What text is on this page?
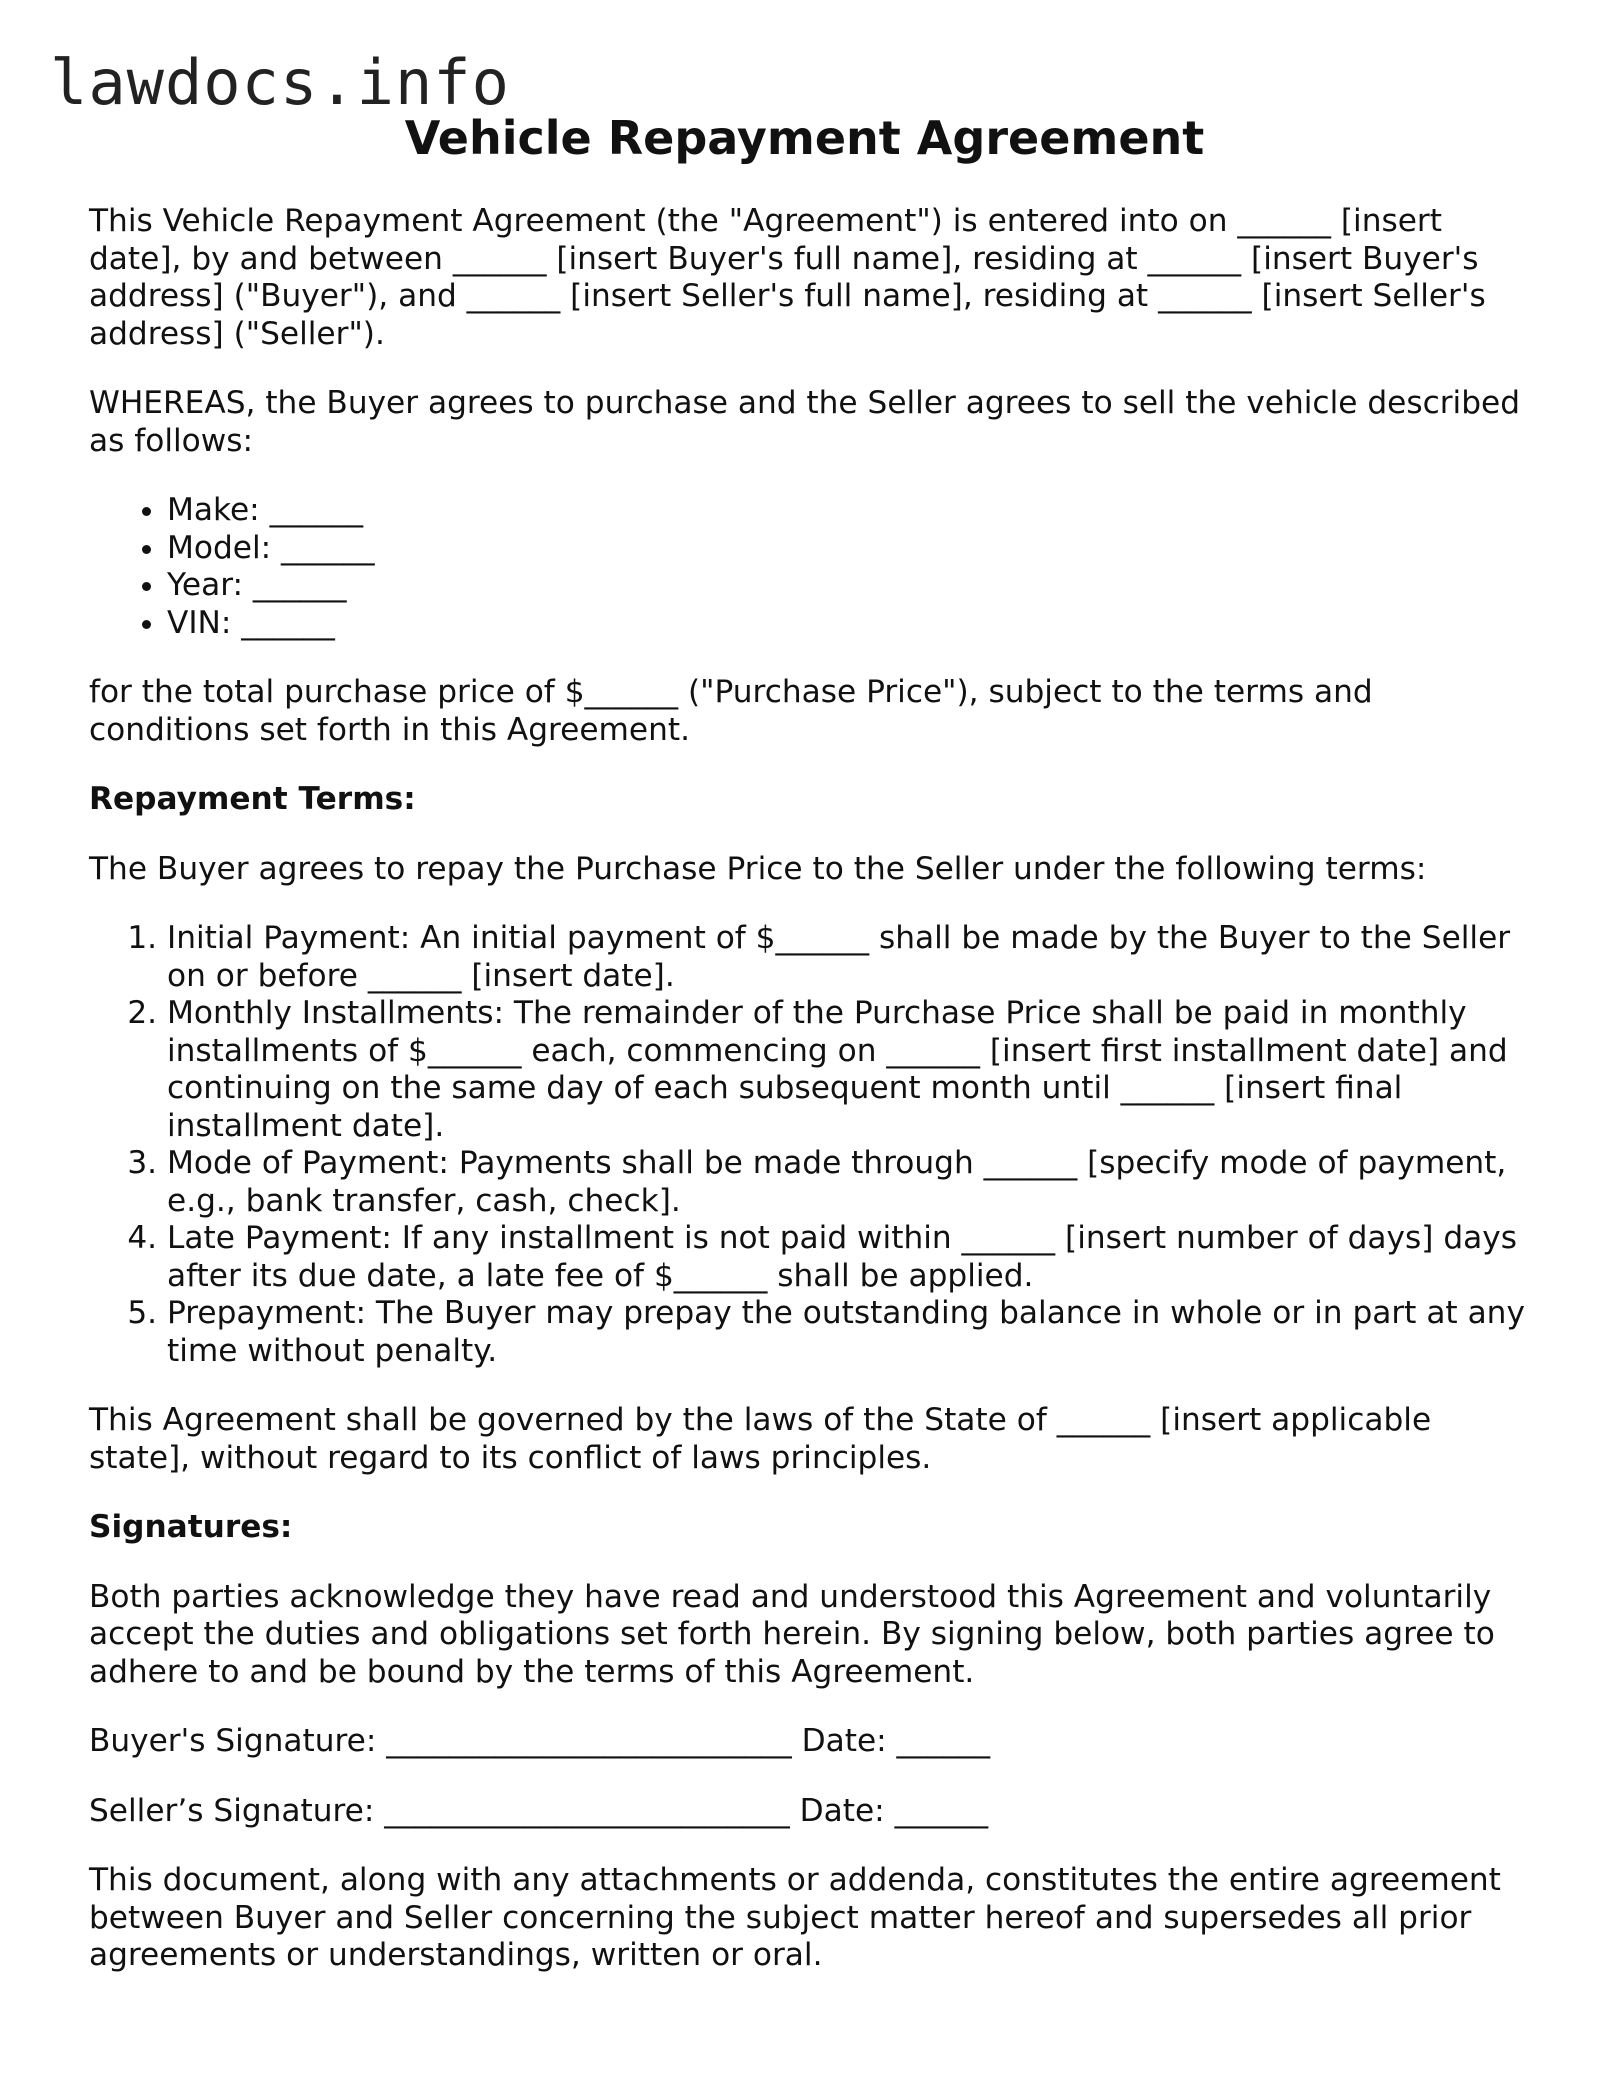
lawdocs.info
Vehicle Repayment Agreement

This Vehicle Repayment Agreement (the "Agreement") is entered into on ______ [insert date], by and between ______ [insert Buyer's full name], residing at ______ [insert Buyer's address] ("Buyer"), and ______ [insert Seller's full name], residing at ______ [insert Seller's address] ("Seller").

WHEREAS, the Buyer agrees to purchase and the Seller agrees to sell the vehicle described as follows:

• Make: ______
• Model: ______
• Year: ______
• VIN: ______

for the total purchase price of $______ ("Purchase Price"), subject to the terms and conditions set forth in this Agreement.

Repayment Terms:

The Buyer agrees to repay the Purchase Price to the Seller under the following terms:

1. Initial Payment: An initial payment of $______ shall be made by the Buyer to the Seller on or before ______ [insert date].
2. Monthly Installments: The remainder of the Purchase Price shall be paid in monthly installments of $______ each, commencing on ______ [insert first installment date] and continuing on the same day of each subsequent month until ______ [insert final installment date].
3. Mode of Payment: Payments shall be made through ______ [specify mode of payment, e.g., bank transfer, cash, check].
4. Late Payment: If any installment is not paid within ______ [insert number of days] days after its due date, a late fee of $______ shall be applied.
5. Prepayment: The Buyer may prepay the outstanding balance in whole or in part at any time without penalty.

This Agreement shall be governed by the laws of the State of ______ [insert applicable state], without regard to its conflict of laws principles.

Signatures:

Both parties acknowledge they have read and understood this Agreement and voluntarily accept the duties and obligations set forth herein. By signing below, both parties agree to adhere to and be bound by the terms of this Agreement.

Buyer's Signature: __________________________ Date: ______

Seller’s Signature: __________________________ Date: ______

This document, along with any attachments or addenda, constitutes the entire agreement between Buyer and Seller concerning the subject matter hereof and supersedes all prior agreements or understandings, written or oral.
